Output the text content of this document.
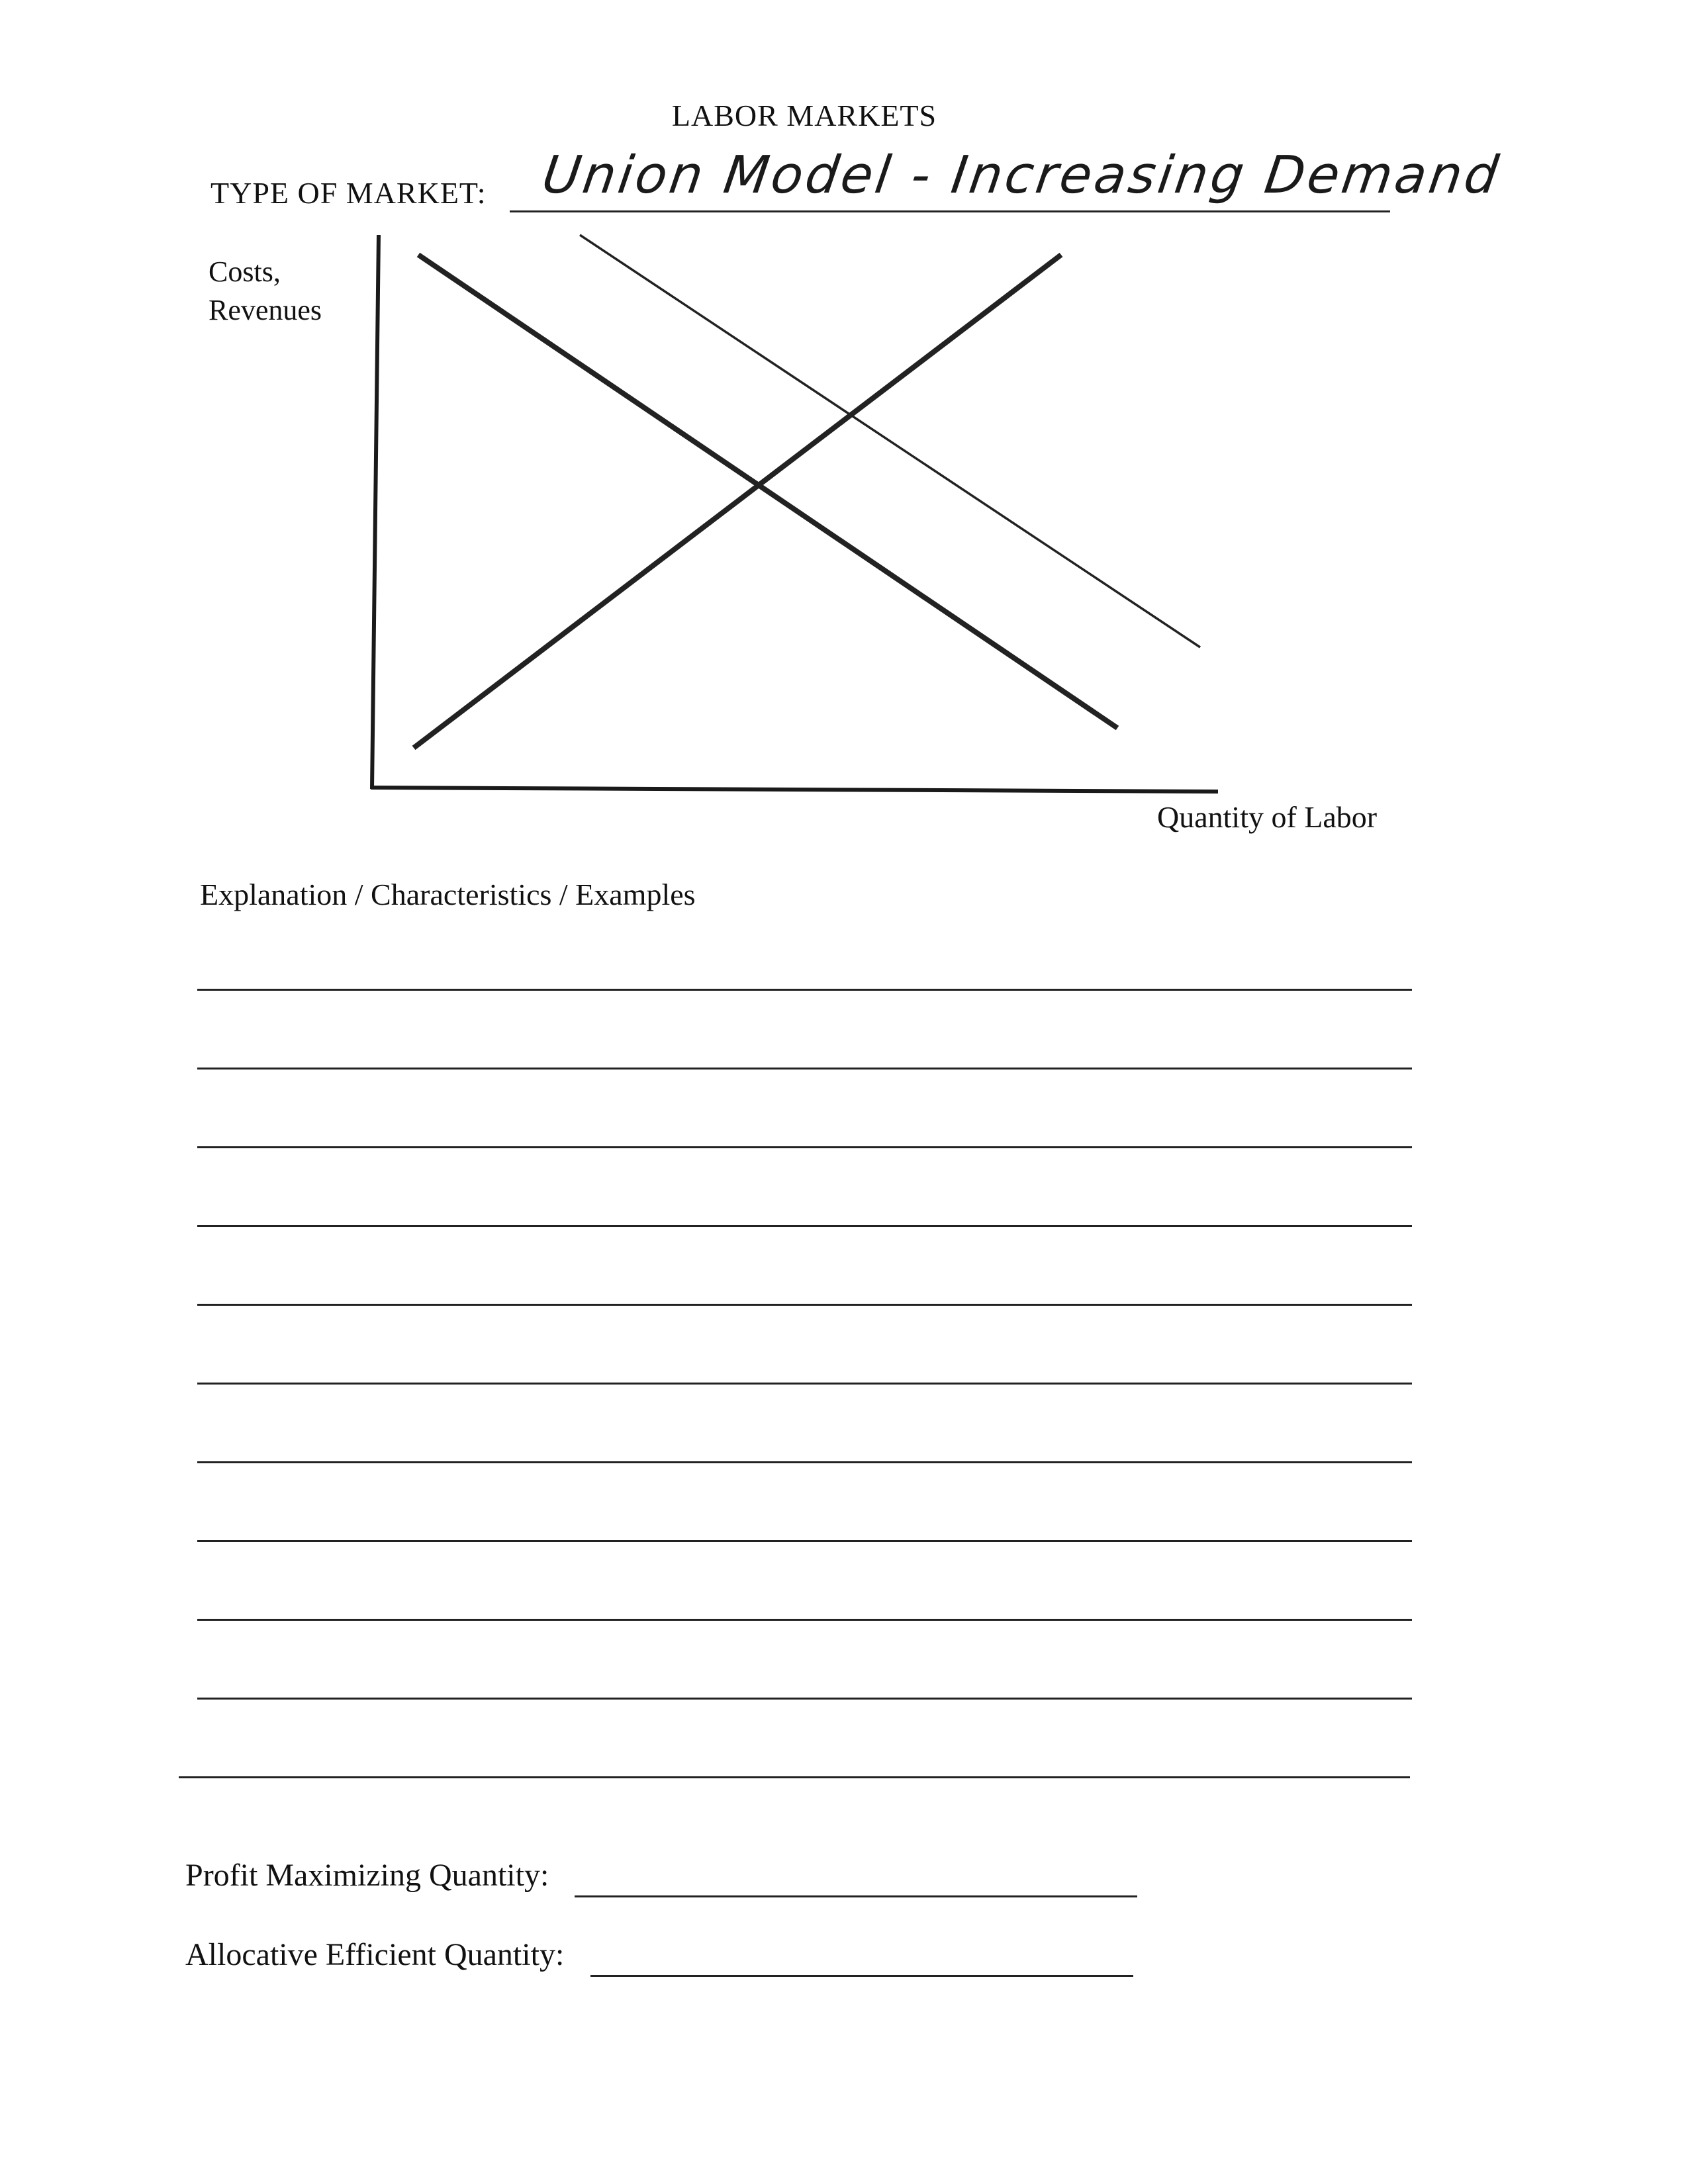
LABOR MARKETS
TYPE OF MARKET: Union Model - Increasing Demand
Costs,
Revenues
Quantity of Labor
Explanation / Characteristics / Examples
Profit Maximizing Quantity:
Allocative Efficient Quantity:
